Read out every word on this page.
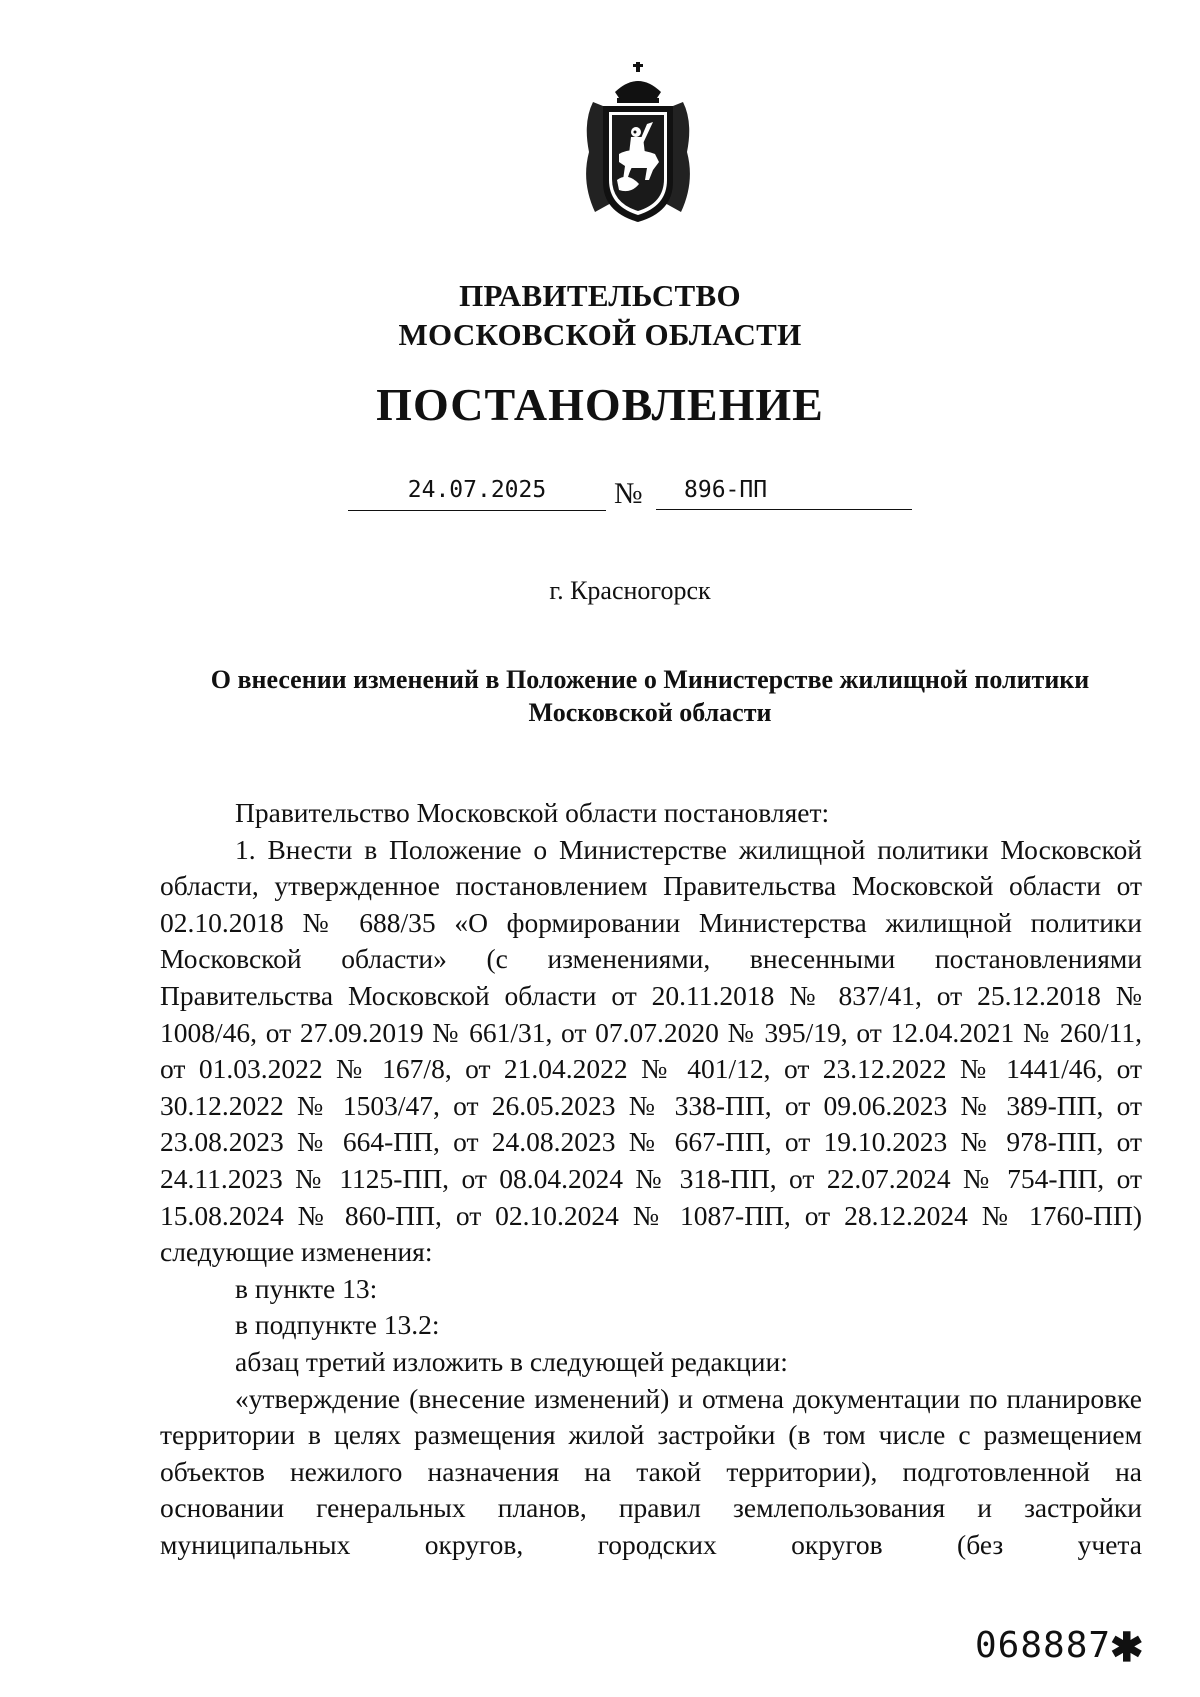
ПРАВИТЕЛЬСТВО
МОСКОВСКОЙ ОБЛАСТИ
ПОСТАНОВЛЕНИЕ
24.07.2025	№	896-ПП
г. Красногорск
О внесении изменений в Положение о Министерстве жилищной политики
Московской области

Правительство Московской области постановляет:

1. Внести в Положение о Министерстве жилищной политики Московской области, утвержденное постановлением Правительства Московской области от 02.10.2018 № 688/35 «О формировании Министерства жилищной политики Московской области» (с изменениями, внесенными постановлениями Правительства Московской области от 20.11.2018 № 837/41, от 25.12.2018 № 1008/46, от 27.09.2019 № 661/31, от 07.07.2020 № 395/19, от 12.04.2021 № 260/11, от 01.03.2022 № 167/8, от 21.04.2022 № 401/12, от 23.12.2022 № 1441/46, от 30.12.2022 № 1503/47, от 26.05.2023 № 338-ПП, от 09.06.2023 № 389-ПП, от 23.08.2023 № 664-ПП, от 24.08.2023 № 667-ПП, от 19.10.2023 № 978-ПП, от 24.11.2023 № 1125-ПП, от 08.04.2024 № 318-ПП, от 22.07.2024 № 754-ПП, от 15.08.2024 № 860-ПП, от 02.10.2024 № 1087-ПП, от 28.12.2024 № 1760-ПП) следующие изменения:

в пункте 13:

в подпункте 13.2:

абзац третий изложить в следующей редакции:

«утверждение (внесение изменений) и отмена документации по планировке территории в целях размещения жилой застройки (в том числе с размещением объектов нежилого назначения на такой территории), подготовленной на основании генеральных планов, правил землепользования и застройки муниципальных округов, городских округов (без учета

068887
✱
